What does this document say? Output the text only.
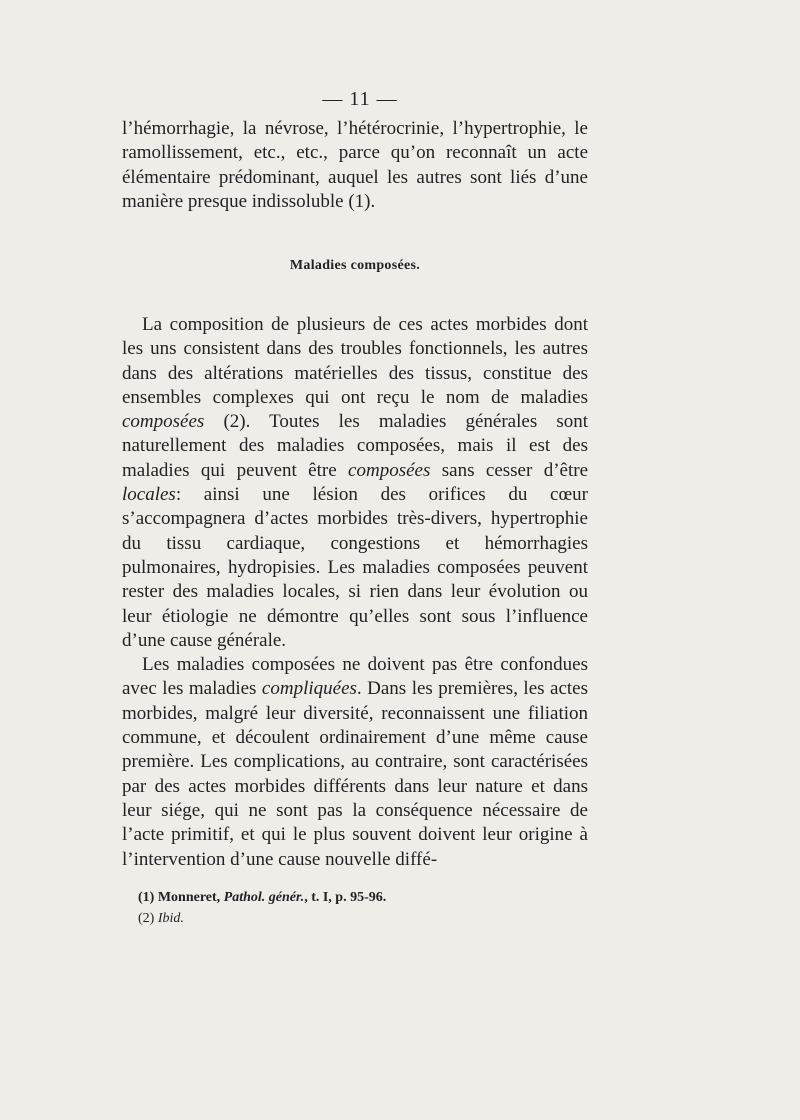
— 11 —

l’hémorrhagie, la névrose, l’hétérocrinie, l’hypertrophie, le ramollissement, etc., etc., parce qu’on reconnaît un acte élémentaire prédominant, auquel les autres sont liés d’une manière presque indissoluble (1).

Maladies composées.

La composition de plusieurs de ces actes morbides dont les uns consistent dans des troubles fonctionnels, les autres dans des altérations matérielles des tissus, constitue des ensembles complexes qui ont reçu le nom de maladies composées (2). Toutes les maladies générales sont naturellement des maladies composées, mais il est des maladies qui peuvent être composées sans cesser d’être locales: ainsi une lésion des orifices du cœur s’accompagnera d’actes morbides très-divers, hypertrophie du tissu cardiaque, congestions et hémorrhagies pulmonaires, hydropisies. Les maladies composées peuvent rester des maladies locales, si rien dans leur évolution ou leur étiologie ne démontre qu’elles sont sous l’influence d’une cause générale.

Les maladies composées ne doivent pas être confondues avec les maladies compliquées. Dans les premières, les actes morbides, malgré leur diversité, reconnaissent une filiation commune, et découlent ordinairement d’une même cause première. Les complications, au contraire, sont caractérisées par des actes morbides différents dans leur nature et dans leur siége, qui ne sont pas la conséquence nécessaire de l’acte primitif, et qui le plus souvent doivent leur origine à l’intervention d’une cause nouvelle diffé-

(1) Monneret, Pathol. génér., t. I, p. 95-96.
(2) Ibid.
